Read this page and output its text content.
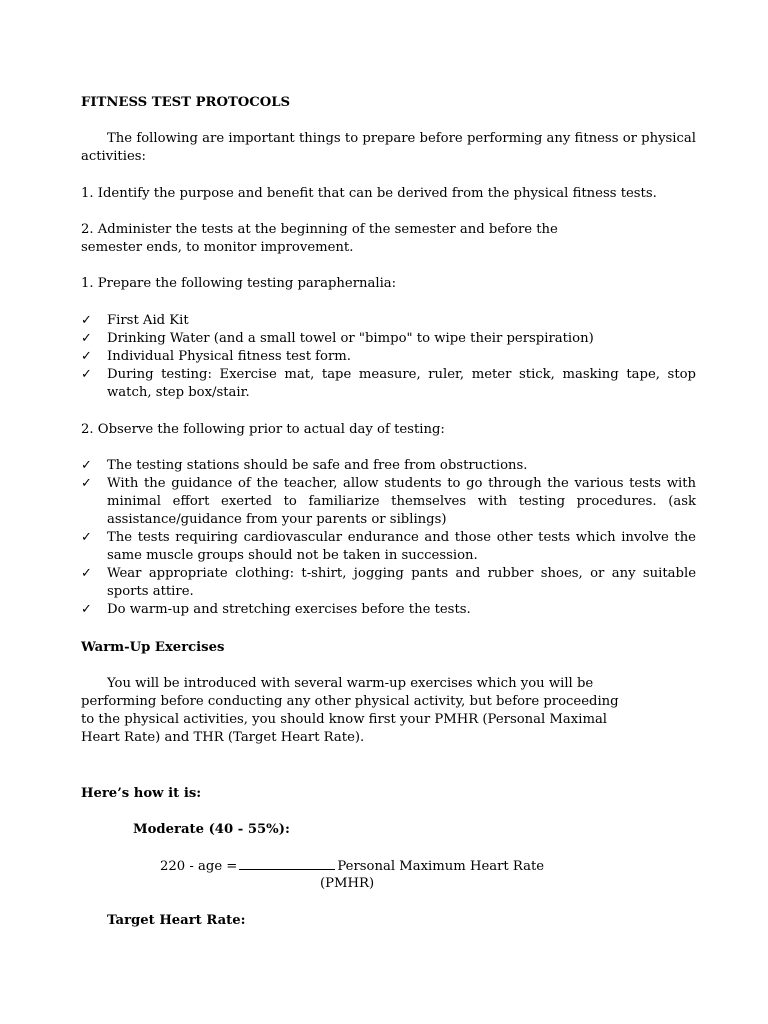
FITNESS TEST PROTOCOLS
The following are important things to prepare before performing any fitness or physical activities:
1. Identify the purpose and benefit that can be derived from the physical fitness tests.
2. Administer the tests at the beginning of the semester and before the
semester ends, to monitor improvement.
1. Prepare the following testing paraphernalia:
✓ First Aid Kit
✓ Drinking Water (and a small towel or "bimpo" to wipe their perspiration)
✓ Individual Physical fitness test form.
✓ During testing: Exercise mat, tape measure, ruler, meter stick, masking tape, stop watch, step box/stair.
2. Observe the following prior to actual day of testing:
✓ The testing stations should be safe and free from obstructions.
✓ With the guidance of the teacher, allow students to go through the various tests with minimal effort exerted to familiarize themselves with testing procedures. (ask assistance/guidance from your parents or siblings)
✓ The tests requiring cardiovascular endurance and those other tests which involve the same muscle groups should not be taken in succession.
✓ Wear appropriate clothing: t-shirt, jogging pants and rubber shoes, or any suitable sports attire.
✓ Do warm-up and stretching exercises before the tests.
Warm-Up Exercises
You will be introduced with several warm-up exercises which you will be
performing before conducting any other physical activity, but before proceeding
to the physical activities, you should know first your PMHR (Personal Maximal
Heart Rate) and THR (Target Heart Rate).
Here’s how it is:
Moderate (40 - 55%):
220 - age =	Personal Maximum Heart Rate
(PMHR)
Target Heart Rate:
